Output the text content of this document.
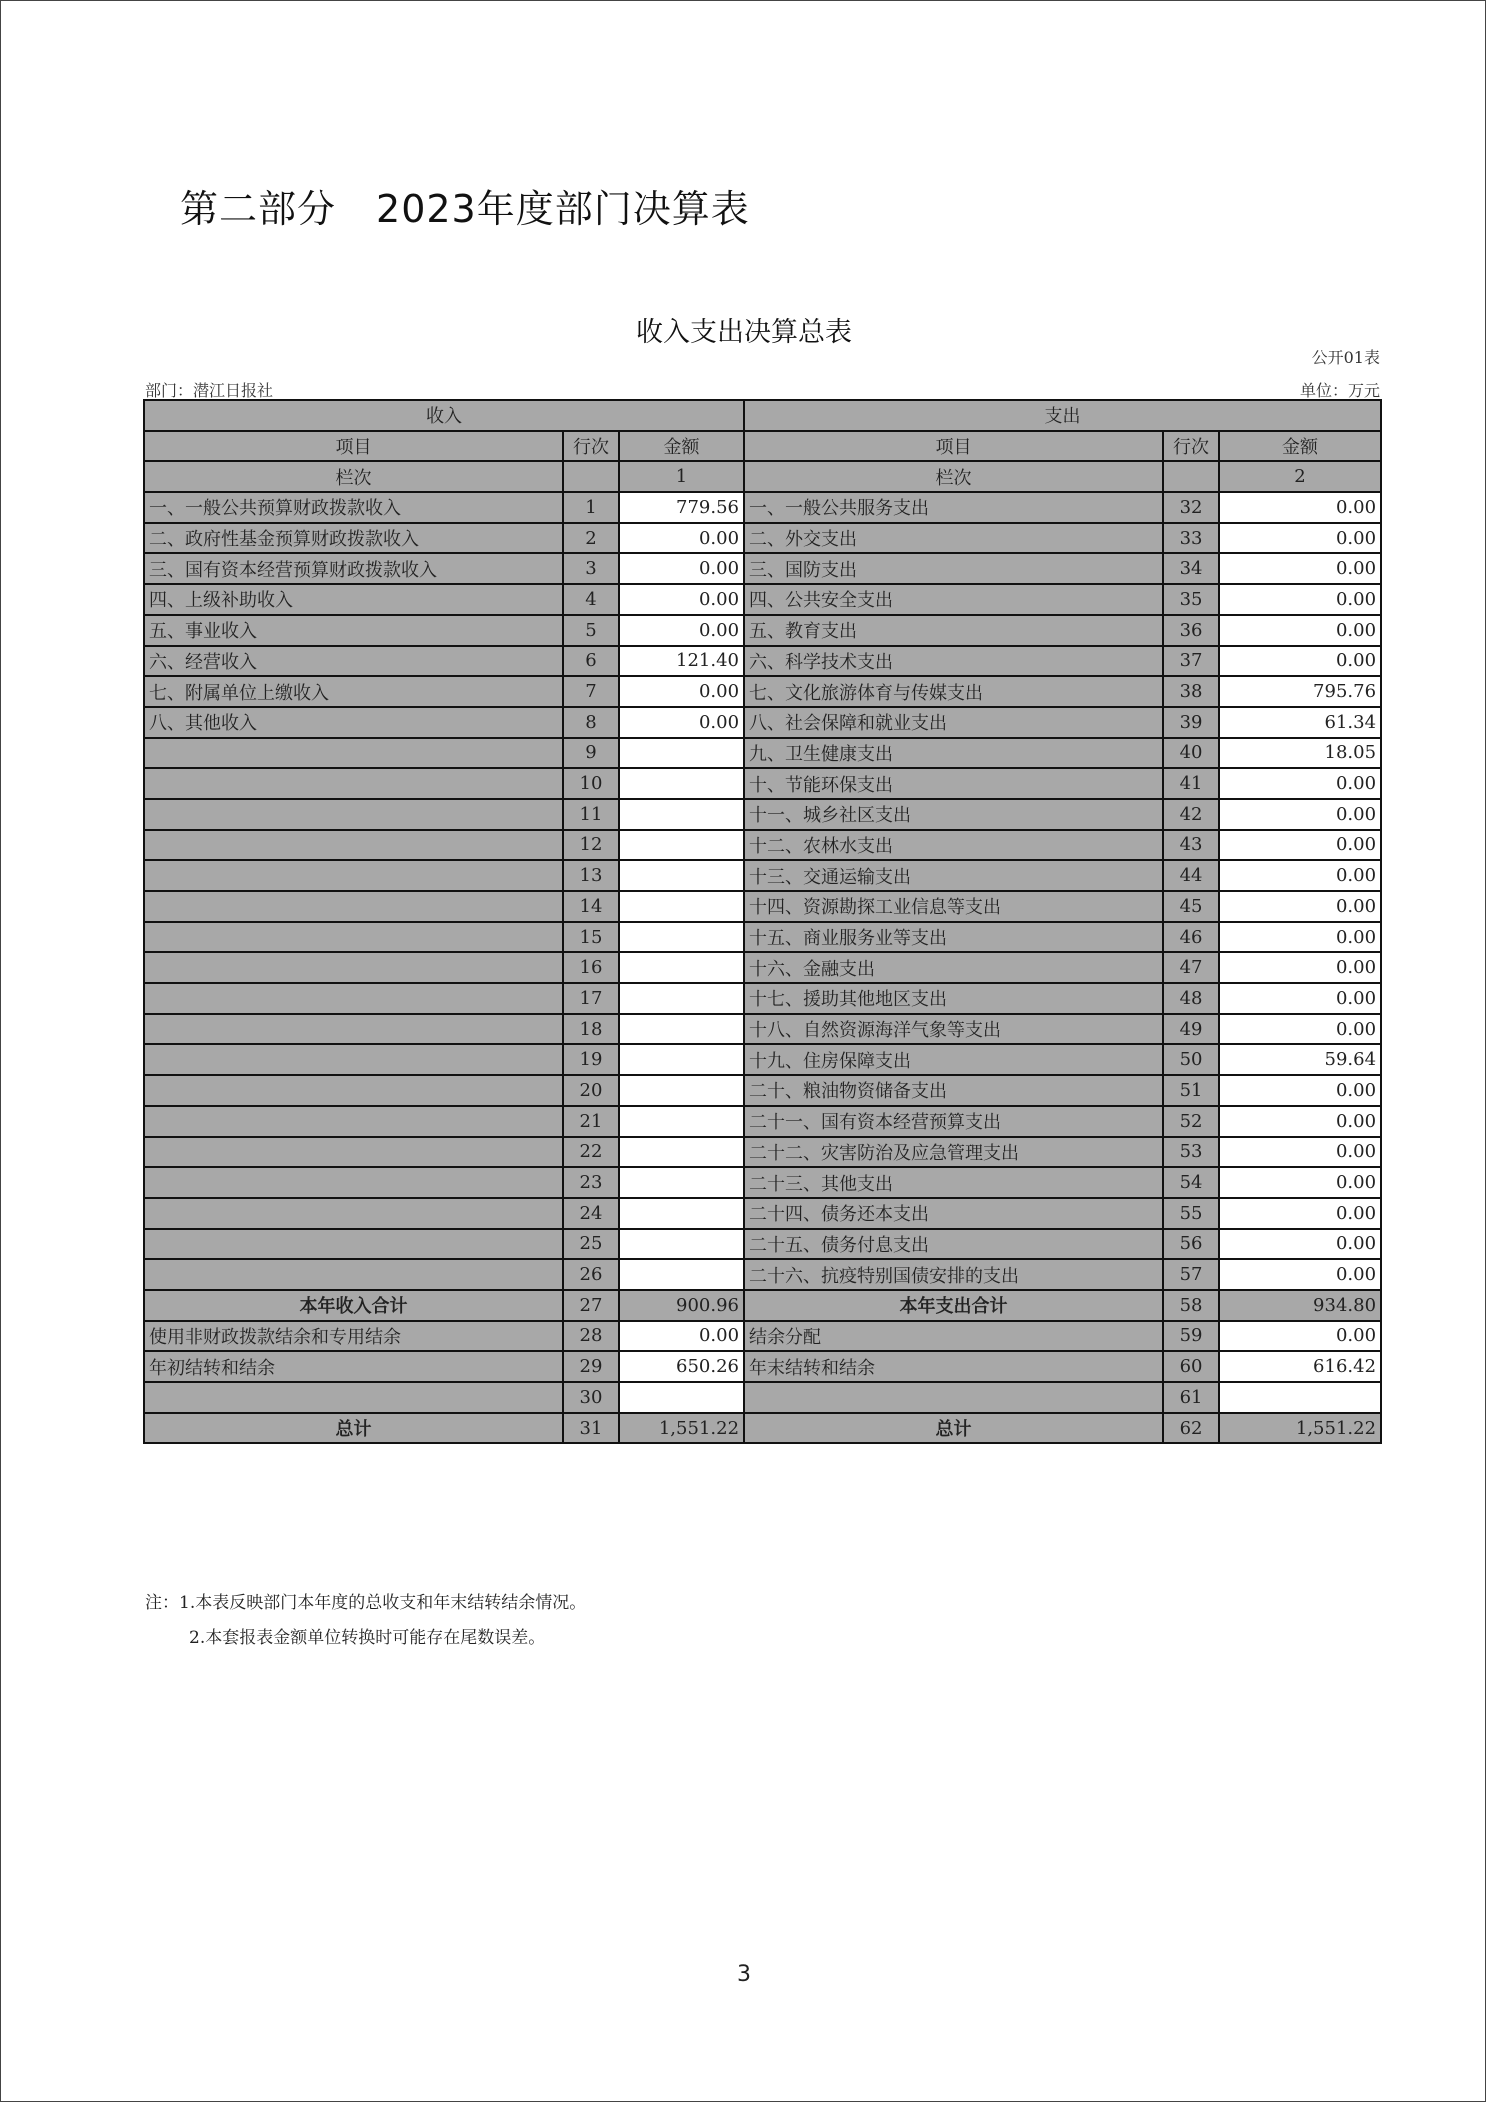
第二部分 2023年度部门决算表
收入支出决算总表
公开01表
部门：潜江日报社	单位：万元
收入			支出		
项目	行次	金额	项目	行次	金额
栏次		1	栏次		2
一、一般公共预算财政拨款收入	1	779.56	一、一般公共服务支出	32	0.00
二、政府性基金预算财政拨款收入	2	0.00	二、外交支出	33	0.00
三、国有资本经营预算财政拨款收入	3	0.00	三、国防支出	34	0.00
四、上级补助收入	4	0.00	四、公共安全支出	35	0.00
五、事业收入	5	0.00	五、教育支出	36	0.00
六、经营收入	6	121.40	六、科学技术支出	37	0.00
七、附属单位上缴收入	7	0.00	七、文化旅游体育与传媒支出	38	795.76
八、其他收入	8	0.00	八、社会保障和就业支出	39	61.34
	9		九、卫生健康支出	40	18.05
	10		十、节能环保支出	41	0.00
	11		十一、城乡社区支出	42	0.00
	12		十二、农林水支出	43	0.00
	13		十三、交通运输支出	44	0.00
	14		十四、资源勘探工业信息等支出	45	0.00
	15		十五、商业服务业等支出	46	0.00
	16		十六、金融支出	47	0.00
	17		十七、援助其他地区支出	48	0.00
	18		十八、自然资源海洋气象等支出	49	0.00
	19		十九、住房保障支出	50	59.64
	20		二十、粮油物资储备支出	51	0.00
	21		二十一、国有资本经营预算支出	52	0.00
	22		二十二、灾害防治及应急管理支出	53	0.00
	23		二十三、其他支出	54	0.00
	24		二十四、债务还本支出	55	0.00
	25		二十五、债务付息支出	56	0.00
	26		二十六、抗疫特别国债安排的支出	57	0.00
本年收入合计	27	900.96	本年支出合计	58	934.80
使用非财政拨款结余和专用结余	28	0.00	结余分配	59	0.00
年初结转和结余	29	650.26	年末结转和结余	60	616.42
	30			61	
总计	31	1,551.22	总计	62	1,551.22
注：1.本表反映部门本年度的总收支和年末结转结余情况。
2.本套报表金额单位转换时可能存在尾数误差。
3
